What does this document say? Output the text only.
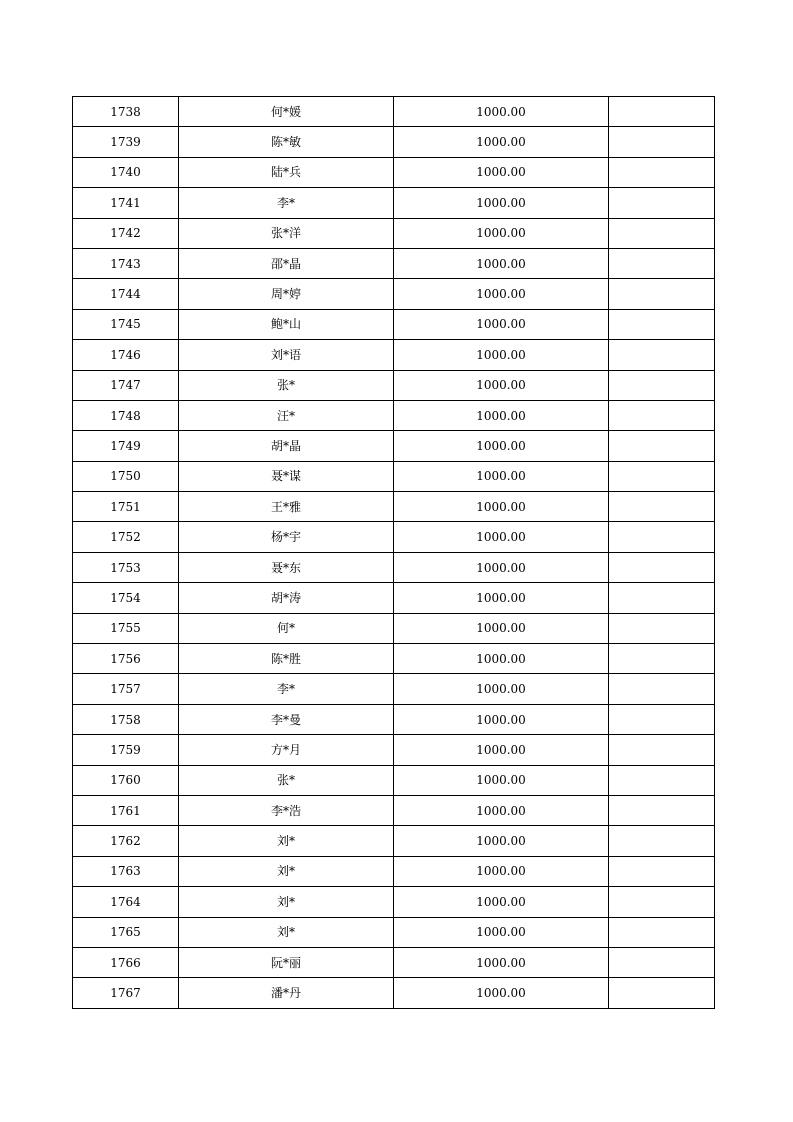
1738	何*媛	1000.00	
1739	陈*敏	1000.00	
1740	陆*兵	1000.00	
1741	李*	1000.00	
1742	张*洋	1000.00	
1743	邵*晶	1000.00	
1744	周*婷	1000.00	
1745	鲍*山	1000.00	
1746	刘*语	1000.00	
1747	张*	1000.00	
1748	汪*	1000.00	
1749	胡*晶	1000.00	
1750	聂*谋	1000.00	
1751	王*雅	1000.00	
1752	杨*宇	1000.00	
1753	聂*东	1000.00	
1754	胡*涛	1000.00	
1755	何*	1000.00	
1756	陈*胜	1000.00	
1757	李*	1000.00	
1758	李*曼	1000.00	
1759	方*月	1000.00	
1760	张*	1000.00	
1761	李*浩	1000.00	
1762	刘*	1000.00	
1763	刘*	1000.00	
1764	刘*	1000.00	
1765	刘*	1000.00	
1766	阮*丽	1000.00	
1767	潘*丹	1000.00	
